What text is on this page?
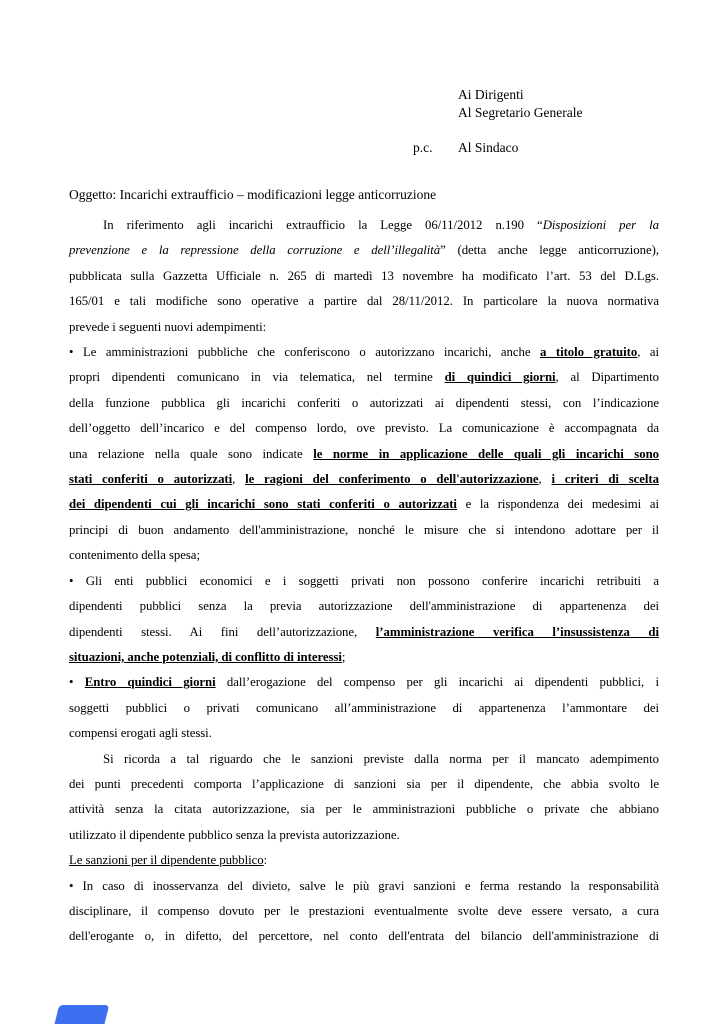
Ai Dirigenti
Al Segretario Generale
p.c. Al Sindaco
Oggetto: Incarichi extraufficio – modificazioni legge anticorruzione
In riferimento agli incarichi extraufficio la Legge 06/11/2012 n.190 “Disposizioni per la
prevenzione e la repressione della corruzione e dell’illegalità” (detta anche legge anticorruzione),
pubblicata sulla Gazzetta Ufficiale n. 265 di martedì 13 novembre ha modificato l’art. 53 del D.Lgs.
165/01 e tali modifiche sono operative a partire dal 28/11/2012. In particolare la nuova normativa
prevede i seguenti nuovi adempimenti:
• Le amministrazioni pubbliche che conferiscono o autorizzano incarichi, anche a titolo gratuito, ai
propri dipendenti comunicano in via telematica, nel termine di quindici giorni, al Dipartimento
della funzione pubblica gli incarichi conferiti o autorizzati ai dipendenti stessi, con l’indicazione
dell’oggetto dell’incarico e del compenso lordo, ove previsto. La comunicazione è accompagnata da
una relazione nella quale sono indicate le norme in applicazione delle quali gli incarichi sono
stati conferiti o autorizzati, le ragioni del conferimento o dell'autorizzazione, i criteri di scelta
dei dipendenti cui gli incarichi sono stati conferiti o autorizzati e la rispondenza dei medesimi ai
principi di buon andamento dell'amministrazione, nonché le misure che si intendono adottare per il
contenimento della spesa;
• Gli enti pubblici economici e i soggetti privati non possono conferire incarichi retribuiti a
dipendenti pubblici senza la previa autorizzazione dell'amministrazione di appartenenza dei
dipendenti stessi. Ai fini dell’autorizzazione, l’amministrazione verifica l’insussistenza di
situazioni, anche potenziali, di conflitto di interessi;
• Entro quindici giorni dall’erogazione del compenso per gli incarichi ai dipendenti pubblici, i
soggetti pubblici o privati comunicano all’amministrazione di appartenenza l’ammontare dei
compensi erogati agli stessi.
Si ricorda a tal riguardo che le sanzioni previste dalla norma per il mancato adempimento
dei punti precedenti comporta l’applicazione di sanzioni sia per il dipendente, che abbia svolto le
attività senza la citata autorizzazione, sia per le amministrazioni pubbliche o private che abbiano
utilizzato il dipendente pubblico senza la prevista autorizzazione.
Le sanzioni per il dipendente pubblico:
• In caso di inosservanza del divieto, salve le più gravi sanzioni e ferma restando la responsabilità
disciplinare, il compenso dovuto per le prestazioni eventualmente svolte deve essere versato, a cura
dell'erogante o, in difetto, del percettore, nel conto dell'entrata del bilancio dell'amministrazione di
